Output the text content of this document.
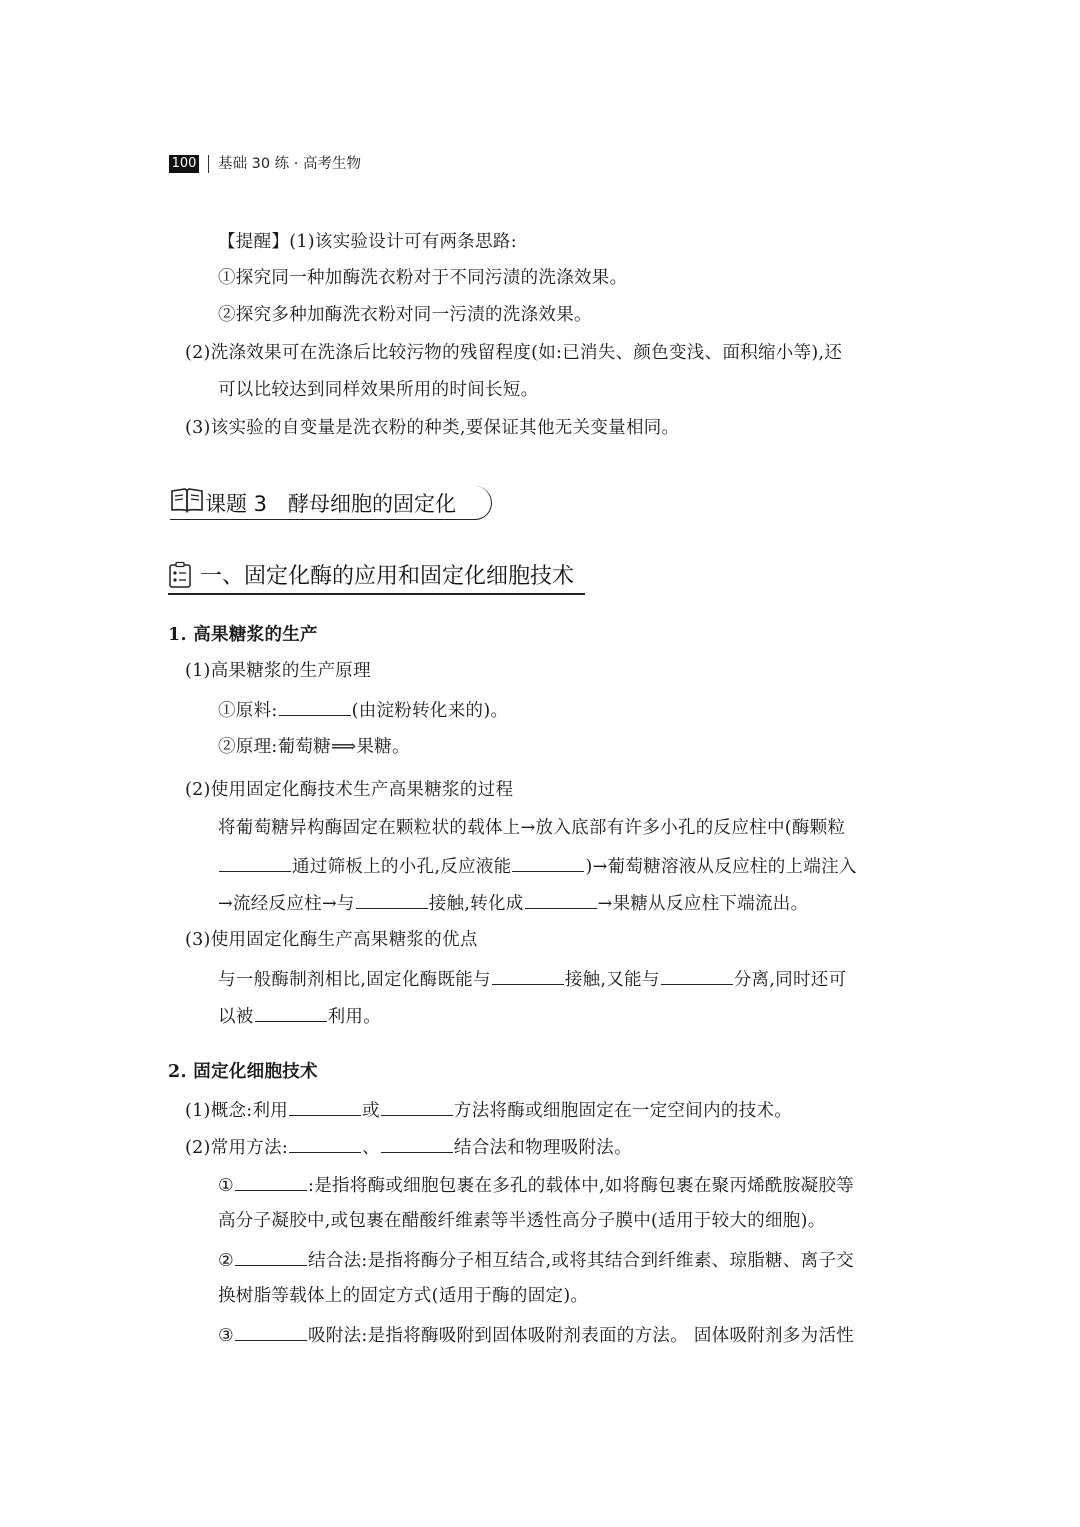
100 基础 30 练 · 高考生物
【提醒】(1)该实验设计可有两条思路:
①探究同一种加酶洗衣粉对于不同污渍的洗涤效果。
②探究多种加酶洗衣粉对同一污渍的洗涤效果。
(2)洗涤效果可在洗涤后比较污物的残留程度(如:已消失、颜色变浅、面积缩小等),还
可以比较达到同样效果所用的时间长短。
(3)该实验的自变量是洗衣粉的种类,要保证其他无关变量相同。
课题 3　酵母细胞的固定化
一、固定化酶的应用和固定化细胞技术
1. 高果糖浆的生产
(1)高果糖浆的生产原理
①原料:	(由淀粉转化来的)。
②原理:葡萄糖⟹果糖。
(2)使用固定化酶技术生产高果糖浆的过程
将葡萄糖异构酶固定在颗粒状的载体上→放入底部有许多小孔的反应柱中(酶颗粒
通过筛板上的小孔,反应液能	)→葡萄糖溶液从反应柱的上端注入
→流经反应柱→与	接触,转化成	→果糖从反应柱下端流出。
(3)使用固定化酶生产高果糖浆的优点
与一般酶制剂相比,固定化酶既能与	接触,又能与	分离,同时还可
以被	利用。
2. 固定化细胞技术
(1)概念:利用	或	方法将酶或细胞固定在一定空间内的技术。
(2)常用方法:	、	结合法和物理吸附法。
①	:是指将酶或细胞包裹在多孔的载体中,如将酶包裹在聚丙烯酰胺凝胶等
高分子凝胶中,或包裹在醋酸纤维素等半透性高分子膜中(适用于较大的细胞)。
②	结合法:是指将酶分子相互结合,或将其结合到纤维素、琼脂糖、离子交
换树脂等载体上的固定方式(适用于酶的固定)。
③	吸附法:是指将酶吸附到固体吸附剂表面的方法。 固体吸附剂多为活性
